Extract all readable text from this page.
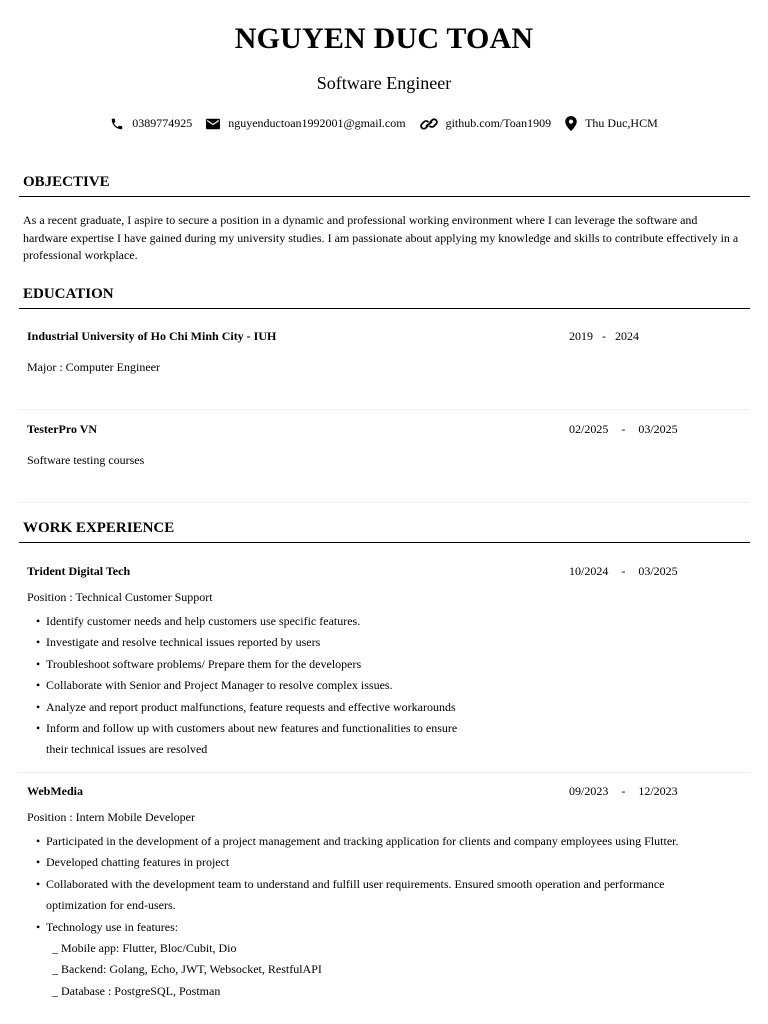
NGUYEN DUC TOAN
Software Engineer
0389774925	nguyenductoan1992001@gmail.com	github.com/Toan1909	Thu Duc,HCM
OBJECTIVE
As a recent graduate, I aspire to secure a position in a dynamic and professional working environment where I can leverage the software and hardware expertise I have gained during my university studies. I am passionate about applying my knowledge and skills to contribute effectively in a professional workplace.
EDUCATION
Industrial University of Ho Chi Minh City - IUH	2019 - 2024
Major : Computer Engineer
TesterPro VN	02/2025 - 03/2025
Software testing courses
WORK EXPERIENCE
Trident Digital Tech	10/2024 - 03/2025
Position : Technical Customer Support
• Identify customer needs and help customers use specific features.
• Investigate and resolve technical issues reported by users
• Troubleshoot software problems/ Prepare them for the developers
• Collaborate with Senior and Project Manager to resolve complex issues.
• Analyze and report product malfunctions, feature requests and effective workarounds
• Inform and follow up with customers about new features and functionalities to ensure
their technical issues are resolved
WebMedia	09/2023 - 12/2023
Position : Intern Mobile Developer
• Participated in the development of a project management and tracking application for clients and company employees using Flutter.
• Developed chatting features in project
• Collaborated with the development team to understand and fulfill user requirements. Ensured smooth operation and performance
optimization for end-users.
• Technology use in features:
_ Mobile app: Flutter, Bloc/Cubit, Dio
_ Backend: Golang, Echo, JWT, Websocket, RestfulAPI
_ Database : PostgreSQL, Postman
